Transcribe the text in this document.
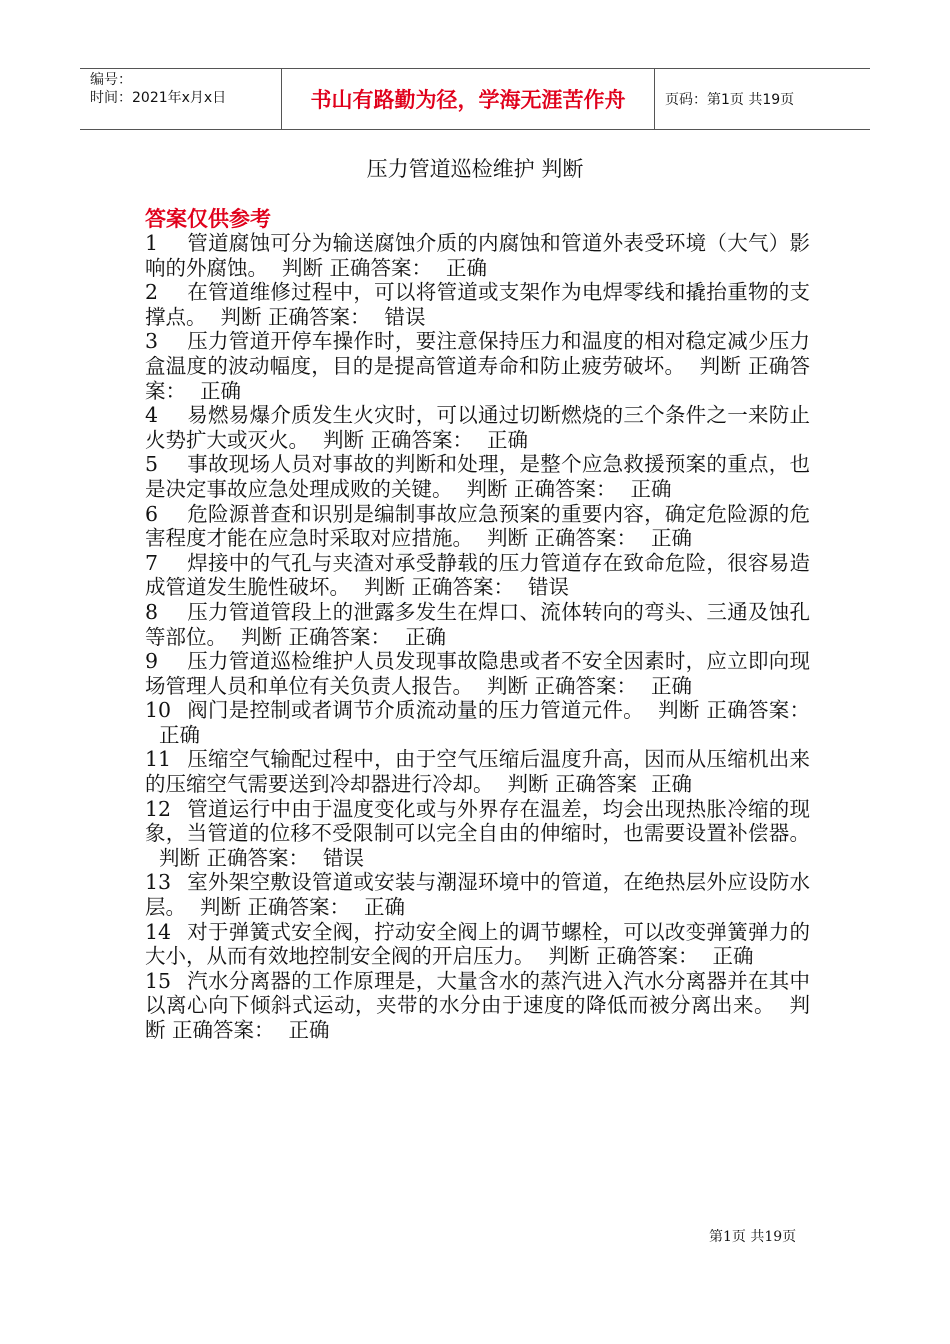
编号：
时间：2021年x月x日	书山有路勤为径，学海无涯苦作舟	页码：第1页 共19页
压力管道巡检维护 判断
答案仅供参考

1 管道腐蚀可分为输送腐蚀介质的内腐蚀和管道外表受环境（大气）影响的外腐蚀。 判断 正确答案： 正确

2 在管道维修过程中，可以将管道或支架作为电焊零线和撬抬重物的支撑点。 判断 正确答案： 错误

3 压力管道开停车操作时，要注意保持压力和温度的相对稳定减少压力盒温度的波动幅度，目的是提高管道寿命和防止疲劳破坏。 判断 正确答案： 正确

4 易燃易爆介质发生火灾时，可以通过切断燃烧的三个条件之一来防止火势扩大或灭火。 判断 正确答案： 正确

5 事故现场人员对事故的判断和处理，是整个应急救援预案的重点，也是决定事故应急处理成败的关键。 判断 正确答案： 正确

6 危险源普查和识别是编制事故应急预案的重要内容，确定危险源的危害程度才能在应急时采取对应措施。 判断 正确答案： 正确

7 焊接中的气孔与夹渣对承受静载的压力管道存在致命危险，很容易造成管道发生脆性破坏。 判断 正确答案： 错误

8 压力管道管段上的泄露多发生在焊口、流体转向的弯头、三通及蚀孔等部位。 判断 正确答案： 正确

9 压力管道巡检维护人员发现事故隐患或者不安全因素时，应立即向现场管理人员和单位有关负责人报告。 判断 正确答案： 正确

10 阀门是控制或者调节介质流动量的压力管道元件。 判断 正确答案：正确

11 压缩空气输配过程中，由于空气压缩后温度升高，因而从压缩机出来的压缩空气需要送到冷却器进行冷却。 判断 正确答案 正确

12 管道运行中由于温度变化或与外界存在温差，均会出现热胀冷缩的现象，当管道的位移不受限制可以完全自由的伸缩时，也需要设置补偿器。判断 正确答案： 错误

13 室外架空敷设管道或安装与潮湿环境中的管道，在绝热层外应设防水层。 判断 正确答案： 正确

14 对于弹簧式安全阀，拧动安全阀上的调节螺栓，可以改变弹簧弹力的大小，从而有效地控制安全阀的开启压力。 判断 正确答案： 正确

15 汽水分离器的工作原理是，大量含水的蒸汽进入汽水分离器并在其中以离心向下倾斜式运动，夹带的水分由于速度的降低而被分离出来。 判断 正确答案： 正确

第1页 共19页
